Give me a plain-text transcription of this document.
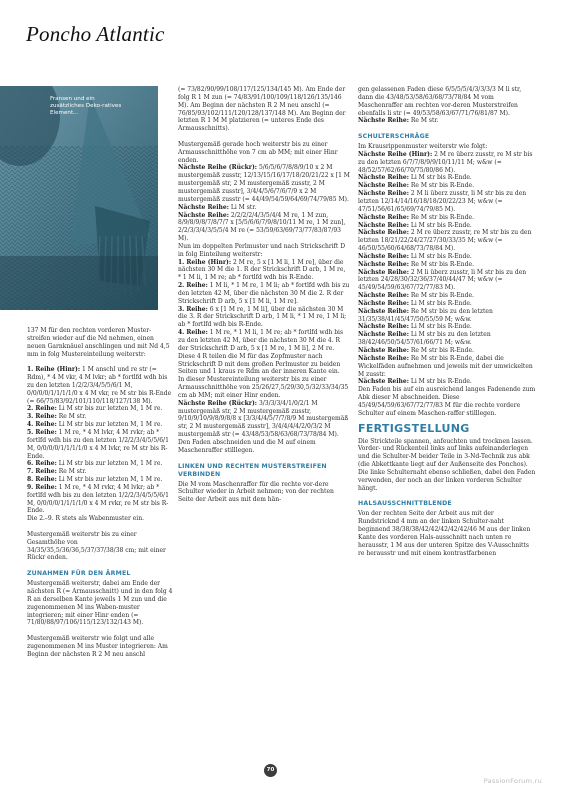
Poncho Atlantic
Fransen und ein zusätzliches Deko-ratives Element...

137 M für den rechten vorderen Muster-streifen wieder auf die Nd nehmen, einen neuen Garnknäuel anschlingen und mit Nd 4,5 mm in folg Mustereinteilung weiterstr:

1. Reihe (Hinr): 1 M anschl und re str (= Rdm), * 4 M vkr, 4 M lvkr; ab * fortlfd wdh bis zu den letzten 1/2/2/3/4/5/5/6/1 M, 0/0/0/0/1/1/1/1/0 x 4 M vkr, re M str bis R-Ende (= 66/75/83/92/101/110/118/127/138 M).
2. Reihe: Li M str bis zur letzten M, 1 M re.
3. Reihe: Re M str.
4. Reihe: Li M str bis zur letzten M, 1 M re.
5. Reihe: 1 M re, * 4 M lvkr, 4 M rvkr; ab * fortlfd wdh bis zu den letzten 1/2/2/3/4/5/5/6/1 M, 0/0/0/0/1/1/1/1/0 x 4 M lvkr, re M str bis R-Ende.
6. Reihe: Li M str bis zur letzten M, 1 M re.
7. Reihe: Re M str.
8. Reihe: Li M str bis zur letzten M, 1 M re.
9. Reihe: 1 M re, * 4 M rvkr, 4 M lvkr; ab * fortlfd wdh bis zu den letzten 1/2/2/3/4/5/5/6/1 M, 0/0/0/0/1/1/1/1/0 x 4 M rvkr, re M str bis R-Ende.
Die 2.–9. R stets als Wabenmuster ein.

Mustergemäß weiterstr bis zu einer Gesamthöhe von 34/35/35,5/36/36,5/37/37/38/38 cm; mit einer Rückr enden.

ZUNAHMEN FÜR DEN ÄRMEL

Mustergemäß weiterstr, dabei am Ende der nächsten R (= Armausschnitt) und in den folg 4 R an derselben Kante jeweils 1 M zun und die zugenommenen M ins Waben-muster integrieren; mit einer Hinr enden (= 71/80/88/97/106/115/123/132/143 M).

Mustergemäß weiterstr wie folgt und alle zugenommenen M ins Muster integrieren: Am Beginn der nächsten R 2 M neu anschl

(= 73/82/90/99/108/117/125/134/145 M). Am Ende der folg R 1 M zun (= 74/83/91/100/109/118/126/135/146 M). Am Beginn der nächsten R 2 M neu anschl (= 76/85/93/102/111/120/128/137/148 M). Am Beginn der letzten R 1 M M platzieren (= unteres Ende des Armausschnitts).

Mustergemäß gerade hoch weiterstr bis zu einer Armausschnitthöhe von 7 cm ab MM; mit einer Hinr enden.
Nächste Reihe (Rückr): 5/6/5/6/7/8/8/9/10 x 2 M mustergemäß zusstr, 12/13/15/16/17/18/20/21/22 x [1 M mustergemäß str, 2 M mustergemäß zusstr, 2 M mustergemäß zusstr], 3/4/4/5/6/7/6/7/9 x 2 M mustergemäß zusstr (= 44/49/54/59/64/69/74/79/85 M).
Nächste Reihe: Li M str.
Nächste Reihe: 2/2/2/2/4/3/5/4/4 M re, 1 M zun, 8/9/8/9/8/7/8/7/7 x [5/5/6/6/7/9/8/10/11 M re, 1 M zun], 2/2/3/3/4/3/5/5/4 M re (= 53/59/63/69/73/77/83/87/93 M).
Nun im doppelten Perlmuster und nach Strickschrift D in folg Einteilung weiterstr:
1. Reihe (Hinr): 2 M re, 5 x [1 M li, 1 M re], über die nächsten 30 M die 1. R der Strickschrift D arb, 1 M re, * 1 M li, 1 M re; ab * fortlfd wdh bis R-Ende.
2. Reihe: 1 M li, * 1 M re, 1 M li; ab * fortlfd wdh bis zu den letzten 42 M, über die nächsten 30 M die 2. R der Strickschrift D arb, 5 x [1 M li, 1 M re].
3. Reihe: 6 x [1 M re, 1 M li], über die nächsten 30 M die 3. R der Strickschrift D arb, 1 M li, * 1 M re, 1 M li; ab * fortlfd wdh bis R-Ende.
4. Reihe: 1 M re, * 1 M li, 1 M re; ab * fortlfd wdh bis zu den letzten 42 M, über die nächsten 30 M die 4. R der Strickschrift D arb, 5 x [1 M re, 1 M li], 2 M re.
Diese 4 R teilen die M für das Zopfmuster nach Strickschrift D mit dem großen Perlmuster zu beiden Seiten und 1 kraus re Rdm an der inneren Kante ein.
In dieser Mustereinteilung weiterstr bis zu einer Armausschnitthöhe von 25/26/27,5/29/30,5/32/33/34/35 cm ab MM; mit einer Hinr enden.
Nächste Reihe (Rückr): 3/3/3/3/4/1/0/2/1 M mustergemäß str, 2 M mustergemäß zusstr, 9/10/9/10/9/8/9/8/8 x [3/3/4/4/5/7/7/8/9 M mustergemäß str, 2 M mustergemäß zusstr], 3/4/4/4/4/2/0/3/2 M mustergemäß str (= 43/48/53/58/63/68/73/78/84 M).

Den Faden abschneiden und die M auf einem Maschenraffer stilllegen.

LINKEN UND RECHTEN MUSTERSTREIFEN VERBINDEN
Die M vom Maschenraffer für die rechte vor-dere Schulter wieder in Arbeit nehmen; von der rechten Seite der Arbeit aus mit dem hän-
gen gelassenen Faden diese 6/5/5/5/4/3/3/3/3 M li str, dann die 43/48/53/58/63/68/73/78/84 M vom Maschenraffer am rechten vor-deren Musterstreifen ebenfalls li str (= 49/53/58/63/67/71/76/81/87 M).

Nächste Reihe: Re M str.

SCHULTERSCHRÄGE
Im Krausrippenmuster weiterstr wie folgt:
Nächste Reihe (Hinr): 2 M re überz zusstr, re M str bis zu den letzten 6/7/7/8/9/9/10/11/11 M; w&w (= 48/52/57/62/66/70/75/80/86 M).
Nächste Reihe: Li M str bis R-Ende.
Nächste Reihe: Re M str bis R-Ende.
Nächste Reihe: 2 M li überz zusstr, li M str bis zu den letzten 12/14/14/16/18/18/20/22/23 M; w&w (= 47/51/56/61/65/69/74/79/85 M).
Nächste Reihe: Re M str bis R-Ende.
Nächste Reihe: Li M str bis R-Ende.
Nächste Reihe: 2 M re überz zusstr, re M str bis zu den letzten 18/21/22/24/27/27/30/33/35 M; w&w (= 46/50/55/60/64/68/73/78/84 M).
Nächste Reihe: Li M str bis R-Ende.
Nächste Reihe: Re M str bis R-Ende.
Nächste Reihe: 2 M li überz zusstr, li M str bis zu den letzten 24/28/30/32/36/37/40/44/47 M; w&w (= 45/49/54/59/63/67/72/77/83 M).
Nächste Reihe: Re M str bis R-Ende.
Nächste Reihe: Li M str bis R-Ende.
Nächste Reihe: Re M str bis zu den letzten 31/35/38/41/45/47/50/55/59 M; w&w.
Nächste Reihe: Li M str bis R-Ende.
Nächste Reihe: Li M str bis zu den letzten 38/42/46/50/54/57/61/66/71 M; w&w.
Nächste Reihe: Re M str bis R-Ende.
Nächste Reihe: Re M str bis R-Ende, dabei die Wickelfäden aufnehmen und jeweils mit der umwickelten M zusstr.
Nächste Reihe: Li M str bis R-Ende.
Den Faden bis auf ein ausreichend langes Fadenende zum Abk dieser M abschneiden. Diese 45/49/54/59/63/67/72/77/83 M für die rechte vordere Schulter auf einem Maschen-raffer stilllegen.
FERTIGSTELLUNG
Die Strickteile spannen, anfeuchten und trocknen lassen.
Vorder- und Rückenteil links auf links aufeinanderlegen und die Schulter-M beider Teile in 3-Nd-Technik zus abk (die Abkettkante liegt auf der Außenseite des Ponchos).

Die linke Schulternaht ebenso schließen, dabei den Faden verwenden, der noch an der linken vorderen Schulter hängt.

HALSAUSSCHNITTBLENDE
Von der rechten Seite der Arbeit aus mit der Rundstricknd 4 mm an der linken Schulter-naht beginnend 38/38/38/42/42/42/42/42/46 M aus der linken Kante des vorderen Hals-ausschnitt nach unten re herausstr, 1 M aus der unteren Spitze des V-Ausschnitts re herausstr und mit einem kontrastfarbenen
70
PassionForum.ru
